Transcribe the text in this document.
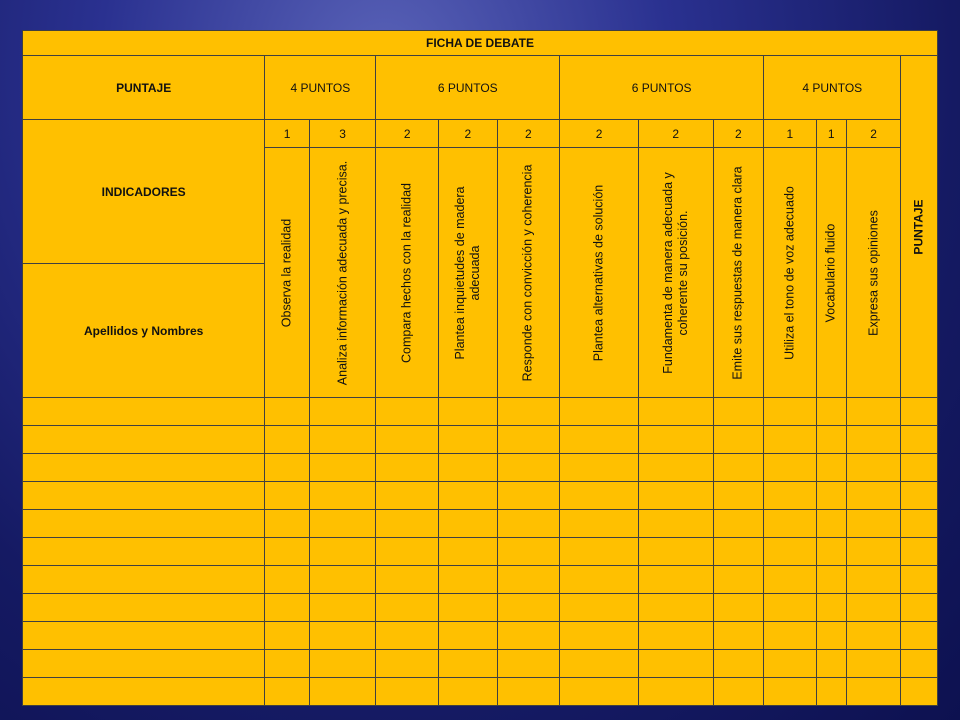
FICHA DE DEBATE												
PUNTAJE	4 PUNTOS		6 PUNTOS			6 PUNTOS			4 PUNTOS			PUNTAJE

INDICADORES	1	3	2	2	2	2	2	2	1	1	2	

	Observa la realidad	Analiza información adecuada y precisa.	Compara hechos con la realidad	Plantea inquietudes de madera adecuada	Responde con convicción y coherencia	Plantea alternativas de solución	Fundamenta de manera adecuada y coherente su posición.	Emite sus respuestas de manera clara	Utiliza el tono de voz adecuado	Vocabulario fluido	Expresa sus opiniones	

Apellidos y Nombres												
